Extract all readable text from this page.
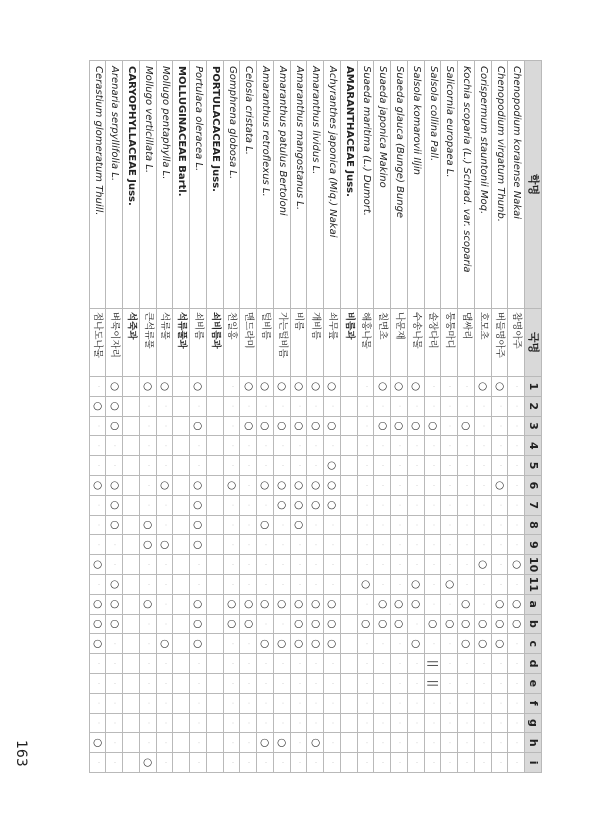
학명
국명
1
2
3
4
5
6
7
8
9
10
11
a
b
c
d
e
f
g
h
i
Chenopodium koraiense Nakai
참명아주
·
·
·
·
·
·
·
·
·
○
·
○
○
·
·
·
·
·
·
·
Chenopodium virgatum Thunb.
버들명아주
○
·
·
·
·
○
·
·
·
·
·
○
○
○
·
·
·
·
·
·
Corispermum stauntonii Moq.
호모초
○
·
·
·
·
·
·
·
·
○
·
·
○
○
·
·
·
·
·
·
Kochia scoparia (L.) Schrad. var. scoparia
댑싸리
·
·
○
·
·
·
·
·
·
·
·
○
○
○
·
·
·
·
·
·
Salicornia europaea L.
퉁퉁마디
·
·
·
·
·
·
·
·
·
·
○
·
○
·
·
·
·
·
·
·
Salsola collina Pall.
솔장다리
·
·
○
·
·
·
·
·
·
·
·
·
○
·
||
||
·
·
·
·
Salsola komarovii Iljin
수송나물
○
·
○
·
·
·
·
·
·
·
○
○
·
○
·
·
·
·
·
·
Suaeda glauca (Bunge) Bunge
나문재
○
·
○
·
·
·
·
·
·
·
·
○
○
·
·
·
·
·
·
·
Suaeda japonica Makino
칠면초
○
·
○
·
·
·
·
·
·
·
·
○
○
·
·
·
·
·
·
·
Suaeda maritima (L.) Dumort.
해홍나물
·
·
·
·
·
·
·
·
·
·
○
·
○
·
·
·
·
·
·
·
AMARANTHACEAE Juss.
비름과
Achyranthes japonica (Miq.) Nakai
쇠무릎
○
·
○
·
○
○
○
·
·
·
·
○
○
○
·
·
·
·
·
·
Amaranthus lividus L.
개비름
○
·
○
·
·
○
○
·
·
·
·
○
○
○
·
·
·
·
○
·
Amaranthus mangostanus L.
비름
○
·
○
·
·
○
○
○
·
·
·
○
○
○
·
·
·
·
·
·
Amaranthus patulus Bertoloni
가는털비름
○
·
○
·
·
○
○
·
·
·
·
○
·
○
·
·
·
·
○
·
Amaranthus retroflexus L.
털비름
○
·
○
·
·
○
·
○
·
·
·
○
·
○
·
·
·
·
○
·
Celosia cristata L.
맨드라미
○
·
○
·
·
·
·
·
·
·
·
○
○
·
·
·
·
·
·
·
Gomphrena globosa L.
천일홍
·
·
·
·
·
○
·
·
·
·
·
○
○
·
·
·
·
·
·
·
PORTULACACEAE Juss.
쇠비름과
Portulaca oleracea L.
쇠비름
○
·
○
·
·
○
○
○
○
·
·
○
○
○
·
·
·
·
·
·
MOLLUGINACEAE Bartl.
석류풀과
Mollugo pentaphylla L.
석류풀
○
·
·
·
·
○
·
·
○
·
·
·
·
○
·
·
·
·
·
·
Mollugo verticillata L.
큰석류풀
○
·
·
·
·
·
·
○
○
·
·
○
·
·
·
·
·
·
·
○
CARYOPHYLLACEAE Juss.
석죽과
Arenaria serpyllifolia L.
벼룩이자리
○
○
○
·
·
○
○
○
·
·
○
○
○
·
·
·
·
·
·
·
Cerastium glomeratum Thuill.
점나도나물
·
○
·
·
·
○
·
·
·
○
·
○
○
○
·
·
·
·
○
·
163
